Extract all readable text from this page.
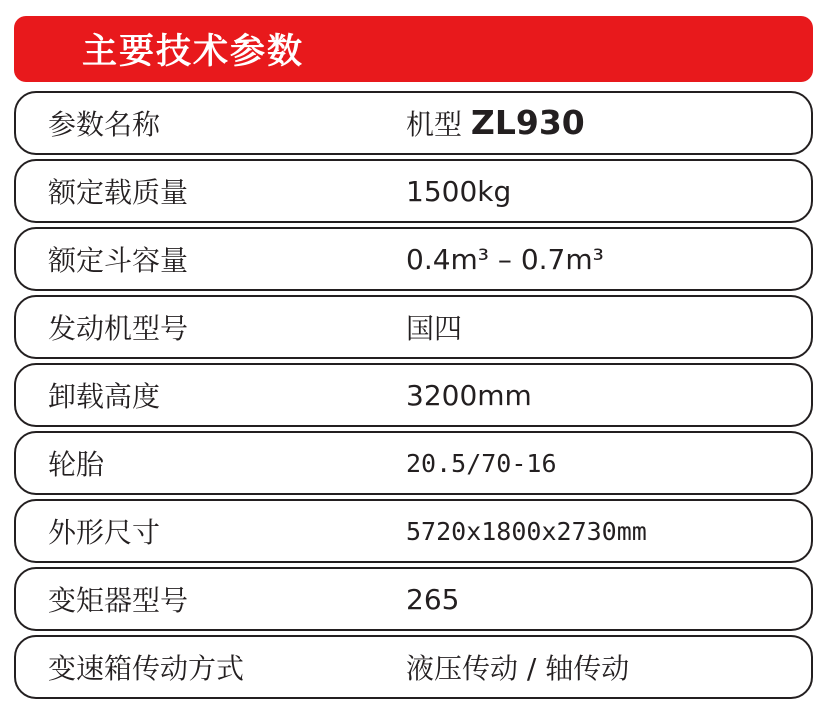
主要技术参数
参数名称	机型 ZL930
额定载质量	1500kg
额定斗容量	0.4m³ – 0.7m³
发动机型号	国四
卸载高度	3200mm
轮胎	20.5/70-16
外形尺寸	5720x1800x2730mm
变矩器型号	265
变速箱传动方式	液压传动 / 轴传动
